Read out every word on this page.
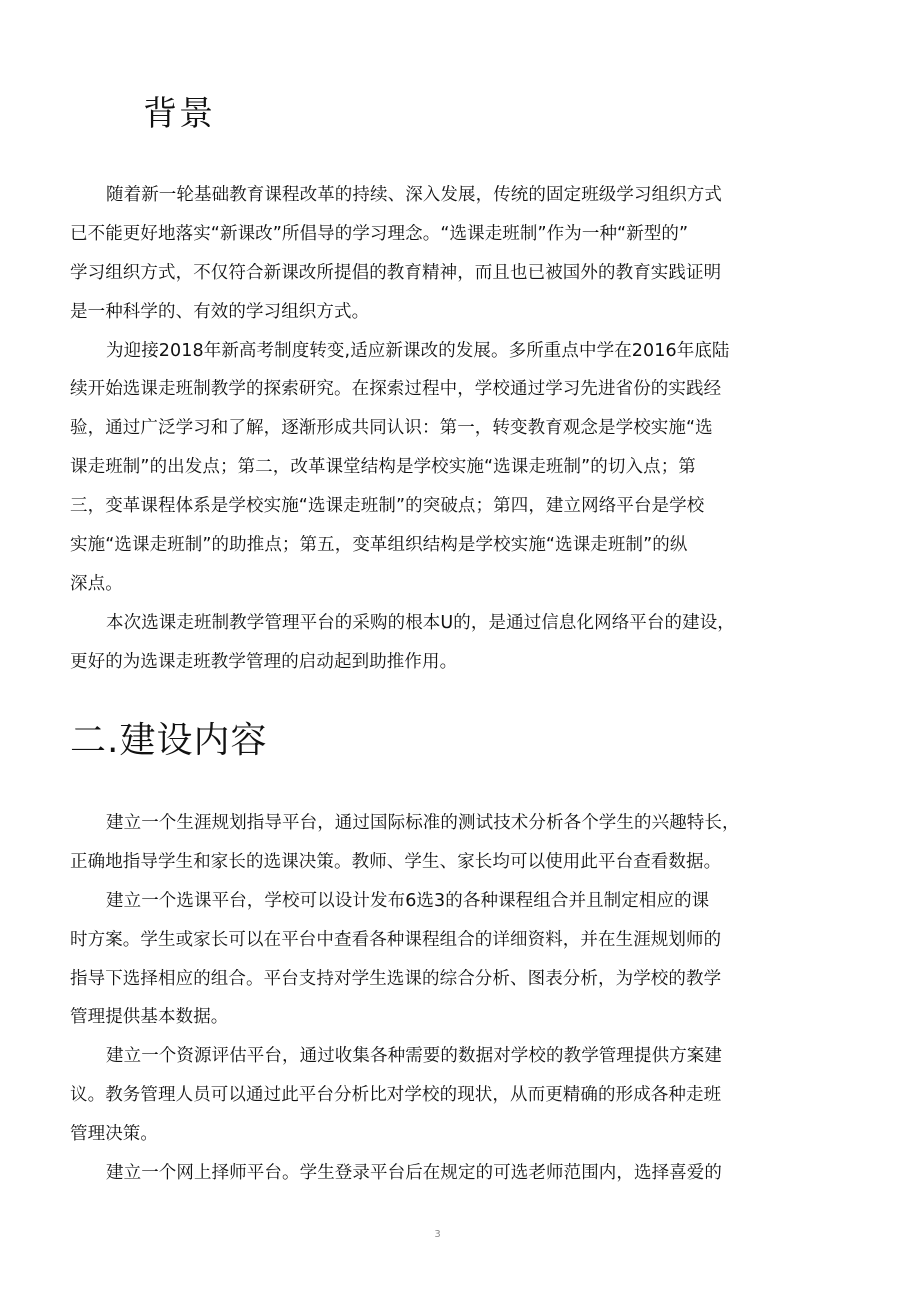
背景

随着新一轮基础教育课程改革的持续、深入发展，传统的固定班级学习组织方式
已不能更好地落实“新课改”所倡导的学习理念。“选课走班制”作为一种“新型的”
学习组织方式，不仅符合新课改所提倡的教育精神，而且也已被国外的教育实践证明
是一种科学的、有效的学习组织方式。

为迎接2018年新高考制度转变,适应新课改的发展。多所重点中学在2016年底陆
续开始选课走班制教学的探索研究。在探索过程中，学校通过学习先进省份的实践经
验，通过广泛学习和了解，逐渐形成共同认识：第一，转变教育观念是学校实施“选
课走班制”的出发点；第二，改革课堂结构是学校实施“选课走班制”的切入点；第
三，变革课程体系是学校实施“选课走班制”的突破点；第四，建立网络平台是学校
实施“选课走班制”的助推点；第五，变革组织结构是学校实施“选课走班制”的纵
深点。

本次选课走班制教学管理平台的采购的根本U的，是通过信息化网络平台的建设，
更好的为选课走班教学管理的启动起到助推作用。

二.建设内容

建立一个生涯规划指导平台，通过国际标准的测试技术分析各个学生的兴趣特长，
正确地指导学生和家长的选课决策。教师、学生、家长均可以使用此平台查看数据。

建立一个选课平台，学校可以设计发布6选3的各种课程组合并且制定相应的课
时方案。学生或家长可以在平台中查看各种课程组合的详细资料，并在生涯规划师的
指导下选择相应的组合。平台支持对学生选课的综合分析、图表分析，为学校的教学
管理提供基本数据。

建立一个资源评估平台，通过收集各种需要的数据对学校的教学管理提供方案建
议。教务管理人员可以通过此平台分析比对学校的现状，从而更精确的形成各种走班
管理决策。

建立一个网上择师平台。学生登录平台后在规定的可选老师范围内，选择喜爱的

3
